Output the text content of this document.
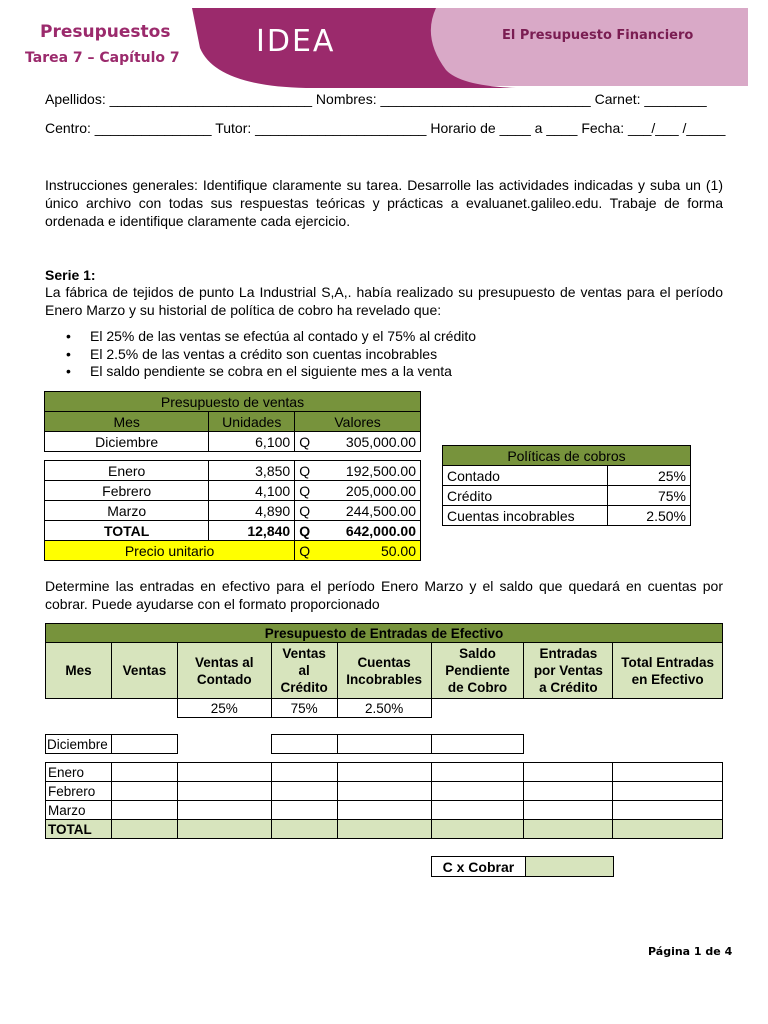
Presupuestos
Tarea 7 – Capítulo 7	IDEA	El Presupuesto Financiero
Apellidos: __________________________ Nombres: ___________________________ Carnet: ________
Centro: _______________ Tutor: ______________________ Horario de ____ a ____ Fecha: ___/___ /_____
Instrucciones generales: Identifique claramente su tarea. Desarrolle las actividades indicadas y suba un (1) único archivo con todas sus respuestas teóricas y prácticas a evaluanet.galileo.edu. Trabaje de forma ordenada e identifique claramente cada ejercicio.
Serie 1:
La fábrica de tejidos de punto La Industrial S,A,. había realizado su presupuesto de ventas para el período Enero Marzo y su historial de política de cobro ha revelado que:
• El 25% de las ventas se efectúa al contado y el 75% al crédito
• El 2.5% de las ventas a crédito son cuentas incobrables
• El saldo pendiente se cobra en el siguiente mes a la venta
Presupuesto de ventas			
Mes	Unidades	Valores	
Diciembre	6,100	Q	305,000.00

Enero	3,850	Q	192,500.00
Febrero	4,100	Q	205,000.00
Marzo	4,890	Q	244,500.00
TOTAL	12,840	Q	642,000.00
Precio unitario		Q	50.00
Políticas de cobros	
Contado	25%
Crédito	75%
Cuentas incobrables	2.50%
Determine las entradas en efectivo para el período Enero Marzo y el saldo que quedará en cuentas por cobrar. Puede ayudarse con el formato proporcionado
Presupuesto de Entradas de Efectivo							
Mes	Ventas	Ventas al Contado	Ventas al Crédito	Cuentas Incobrables	Saldo Pendiente de Cobro	Entradas por Ventas a Crédito	Total Entradas en Efectivo
		25%	75%	2.50%			

Diciembre							

Enero							
Febrero							
Marzo							
TOTAL							
C x Cobrar	
Página 1 de 4
